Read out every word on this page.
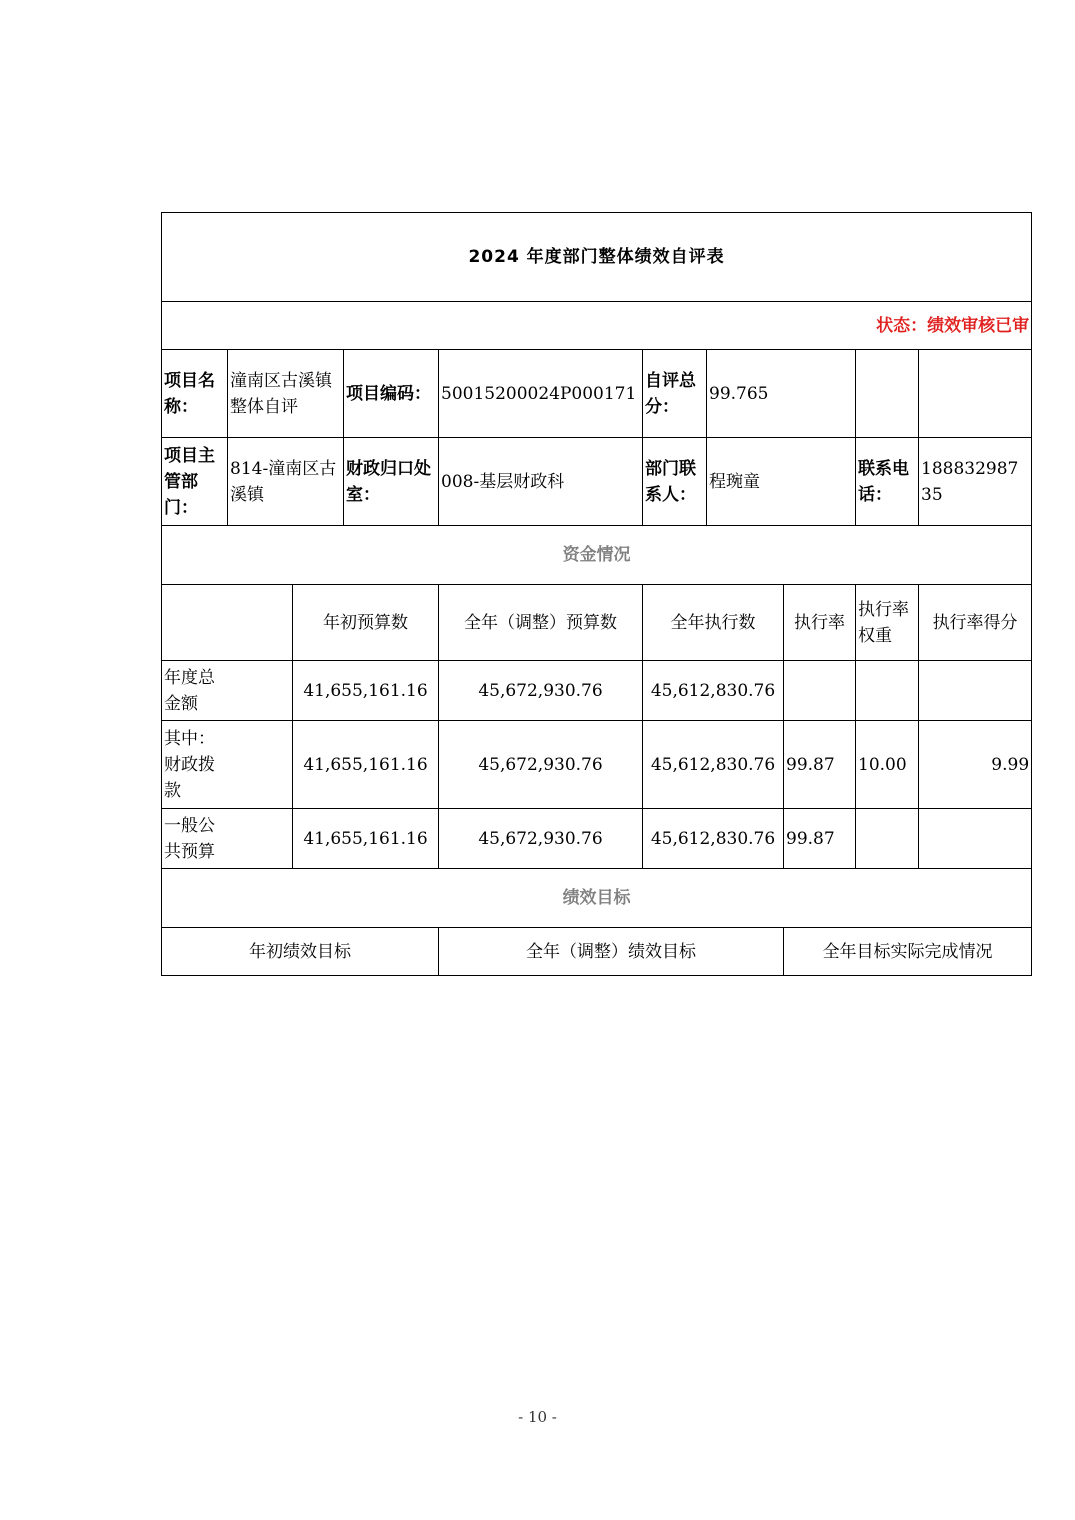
2024 年度部门整体绩效自评表									
状态：绩效审核已审									
项目名称：	潼南区古溪镇整体自评		项目编码：	50015200024P000171	自评总分：	99.765			
项目主管部门：	814-潼南区古溪镇		财政归口处室：	008-基层财政科	部门联系人：	程琬童		联系电话：	18883298735
资金情况									
		年初预算数		全年（调整）预算数	全年执行数		执行率	执行率权重	执行率得分

年度总金额		41,655,161.16		45,672,930.76	45,612,830.76				

其中：财政拨款		41,655,161.16		45,672,930.76	45,612,830.76		99.87	10.00	9.99

一般公共预算		41,655,161.16		45,672,930.76	45,612,830.76		99.87		
绩效目标									
年初绩效目标				全年（调整）绩效目标			全年目标实际完成情况		
- 10 -
